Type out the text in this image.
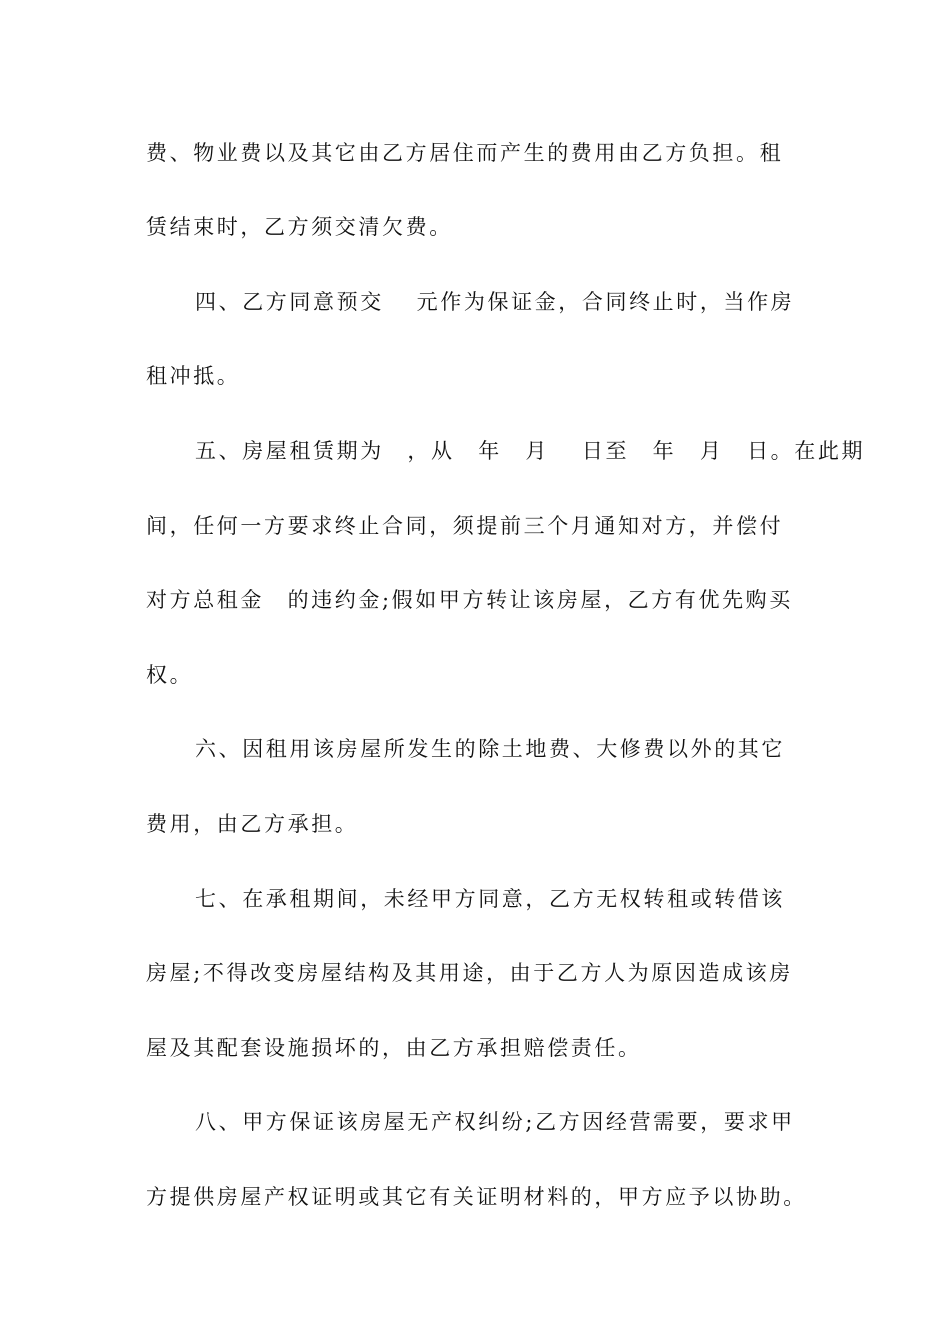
费、物业费以及其它由乙方居住而产生的费用由乙方负担。租
赁结束时，乙方须交清欠费。
四、乙方同意预交　 元作为保证金，合同终止时，当作房
租冲抵。
五、房屋租赁期为　，从　年　月　 日至　年　月　日。在此期
间，任何一方要求终止合同，须提前三个月通知对方，并偿付
对方总租金　的违约金;假如甲方转让该房屋，乙方有优先购买
权。
六、因租用该房屋所发生的除土地费、大修费以外的其它
费用，由乙方承担。
七、在承租期间，未经甲方同意，乙方无权转租或转借该
房屋;不得改变房屋结构及其用途，由于乙方人为原因造成该房
屋及其配套设施损坏的，由乙方承担赔偿责任。
八、甲方保证该房屋无产权纠纷;乙方因经营需要，要求甲
方提供房屋产权证明或其它有关证明材料的，甲方应予以协助。
